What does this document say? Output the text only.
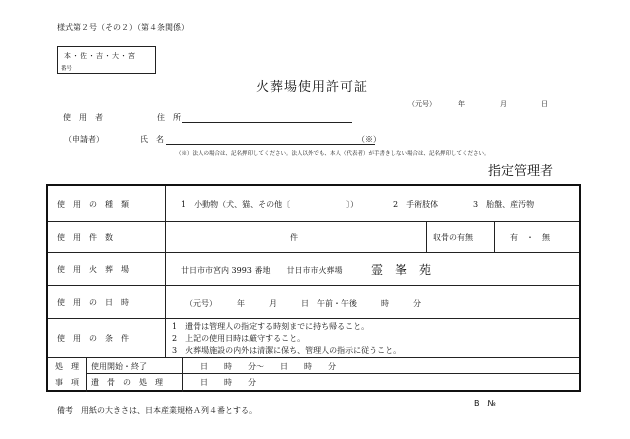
様式第２号（その２）（第４条関係）
本・佐・吉・大・宮
番号
火葬場使用許可証
（元号）	年	月	日
使　用　者	住　所
（申請者）	氏　名	（※）
（※）法人の場合は、記名押印してください。法人以外でも、本人（代表者）が手書きしない場合は、記名押印してください。
指定管理者
使　用　の　種　類	1　小動物（犬、猫、その他〔　　　　　　　〕）	2　手術肢体	3　胎盤、産汚物
使　用　件　数	件	収骨の有無	有　・　無
使　用　火　葬　場	廿日市市宮内 3993 番地　　廿日市市火葬場 霊　峯　苑
使　用　の　日　時	（元号）　　　年　　　月　　　日　午前・午後　　　時　　　分
使　用　の　条　件
1　遺骨は管理人の指定する時刻までに持ち帰ること。
2　上記の使用日時は厳守すること。
3　火葬場施設の内外は清潔に保ち、管理人の指示に従うこと。
処　理
事　項
使用開始・終了	日　　時　　分〜　　日　　時　　分
遺　骨　の　処　理	日　　時　　分
備考　用紙の大きさは、日本産業規格Ａ列４番とする。
B　№
